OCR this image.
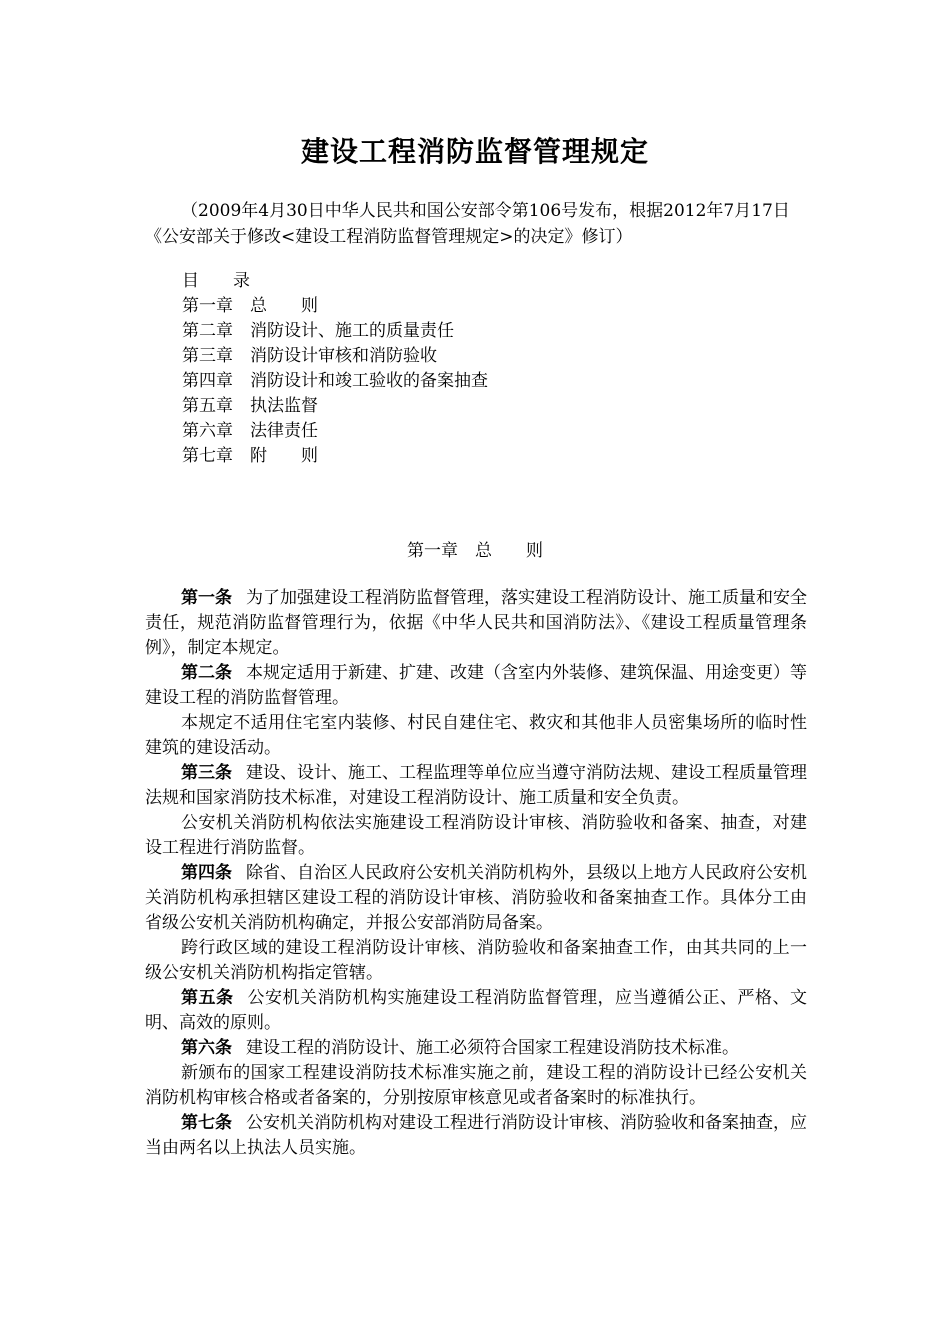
建设工程消防监督管理规定
（2009年4月30日中华人民共和国公安部令第106号发布，根据2012年7月17日《公安部关于修改<建设工程消防监督管理规定>的决定》修订）
目　　录
第一章　总　　则
第二章　消防设计、施工的质量责任
第三章　消防设计审核和消防验收
第四章　消防设计和竣工验收的备案抽查
第五章　执法监督
第六章　法律责任
第七章　附　　则
第一章　总　　则

第一条 为了加强建设工程消防监督管理，落实建设工程消防设计、施工质量和安全责任，规范消防监督管理行为，依据《中华人民共和国消防法》、《建设工程质量管理条例》，制定本规定。

第二条 本规定适用于新建、扩建、改建（含室内外装修、建筑保温、用途变更）等建设工程的消防监督管理。

本规定不适用住宅室内装修、村民自建住宅、救灾和其他非人员密集场所的临时性建筑的建设活动。

第三条 建设、设计、施工、工程监理等单位应当遵守消防法规、建设工程质量管理法规和国家消防技术标准，对建设工程消防设计、施工质量和安全负责。

公安机关消防机构依法实施建设工程消防设计审核、消防验收和备案、抽查，对建设工程进行消防监督。

第四条 除省、自治区人民政府公安机关消防机构外，县级以上地方人民政府公安机关消防机构承担辖区建设工程的消防设计审核、消防验收和备案抽查工作。具体分工由省级公安机关消防机构确定，并报公安部消防局备案。

跨行政区域的建设工程消防设计审核、消防验收和备案抽查工作，由其共同的上一级公安机关消防机构指定管辖。

第五条 公安机关消防机构实施建设工程消防监督管理，应当遵循公正、严格、文明、高效的原则。

第六条 建设工程的消防设计、施工必须符合国家工程建设消防技术标准。

新颁布的国家工程建设消防技术标准实施之前，建设工程的消防设计已经公安机关消防机构审核合格或者备案的，分别按原审核意见或者备案时的标准执行。

第七条 公安机关消防机构对建设工程进行消防设计审核、消防验收和备案抽查，应当由两名以上执法人员实施。
